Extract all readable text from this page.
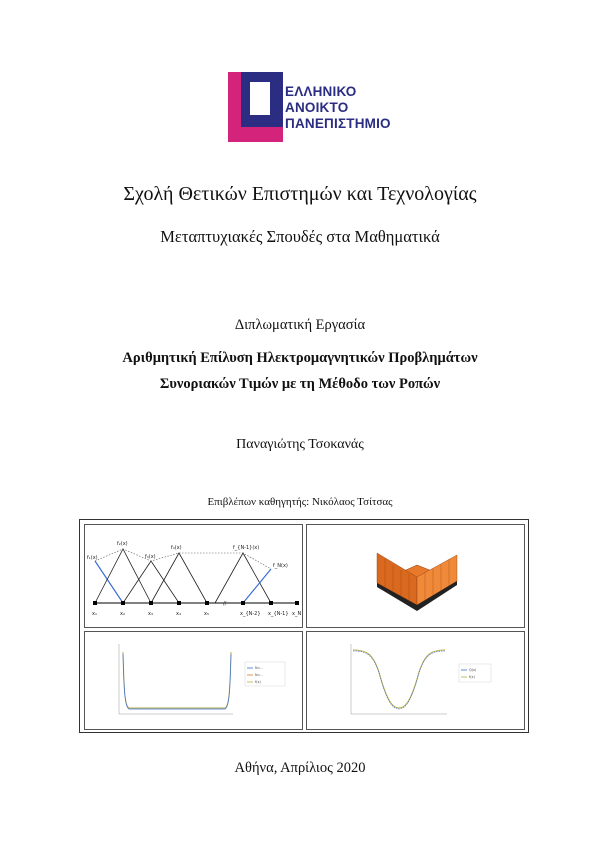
ΕΛΛΗΝΙΚΟ
ΑΝΟΙΚΤΟ
ΠΑΝΕΠΙΣΤΗΜΙΟ
Σχολή Θετικών Επιστημών και Τεχνολογίας
Μεταπτυχιακές Σπουδές στα Μαθηματικά
Διπλωματική Εργασία
Αριθμητική Επίλυση Ηλεκτρομαγνητικών Προβλημάτων
Συνοριακών Τιμών με τη Μέθοδο των Ροπών
Παναγιώτης Τσοκανάς
Επιβλέπων καθηγητής: Νικόλαος Τσίτσας
//
x₁	x₂	x₃	x₄	x₅	x_{N-2} x_{N-1} x_N
f₁(x)
f₂(x)
f₃(x)
f₄(x)	f_{N-1}(x)
f_N(x)
N=..
N=..
f(x)
Q(x)
f(x)
Αθήνα, Απρίλιος 2020
